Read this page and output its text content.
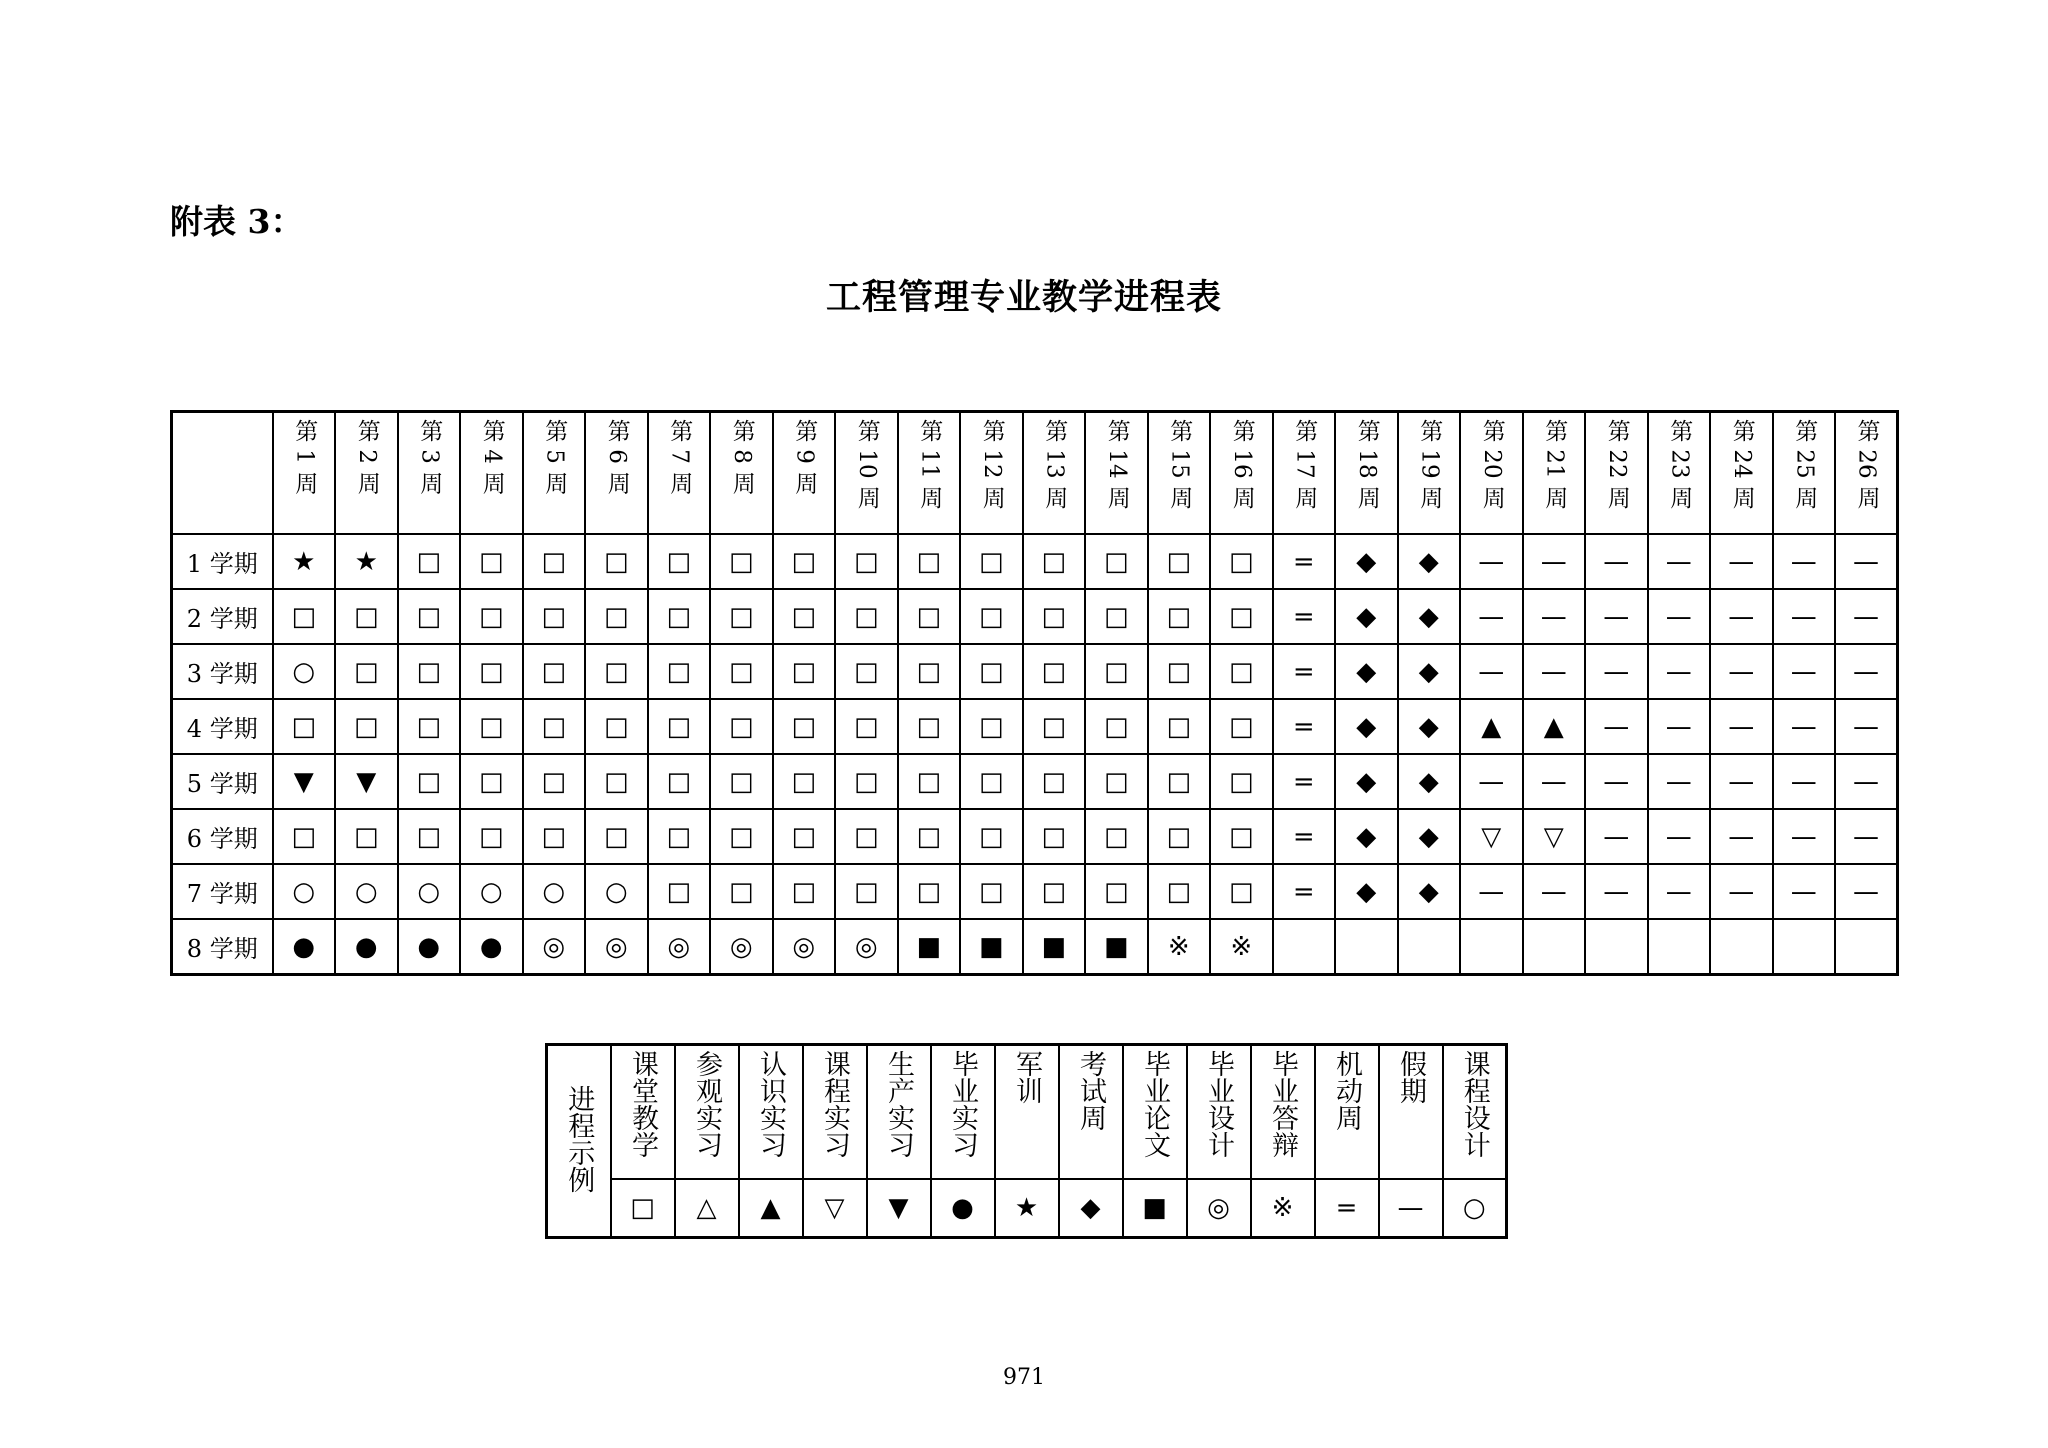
附表 3：
工程管理专业教学进程表
	第 1 周	第 2 周	第 3 周	第 4 周	第 5 周	第 6 周	第 7 周	第 8 周	第 9 周	第 10 周	第 11 周	第 12 周	第 13 周	第 14 周	第 15 周	第 16 周	第 17 周	第 18 周	第 19 周	第 20 周	第 21 周	第 22 周	第 23 周	第 24 周	第 25 周	第 26 周
1 学期	★	★	□	□	□	□	□	□	□	□	□	□	□	□	□	□	=	◆	◆	—	—	—	—	—	—	—
2 学期	□	□	□	□	□	□	□	□	□	□	□	□	□	□	□	□	=	◆	◆	—	—	—	—	—	—	—
3 学期	○	□	□	□	□	□	□	□	□	□	□	□	□	□	□	□	=	◆	◆	—	—	—	—	—	—	—
4 学期	□	□	□	□	□	□	□	□	□	□	□	□	□	□	□	□	=	◆	◆	▲	▲	—	—	—	—	—
5 学期	▼	▼	□	□	□	□	□	□	□	□	□	□	□	□	□	□	=	◆	◆	—	—	—	—	—	—	—
6 学期	□	□	□	□	□	□	□	□	□	□	□	□	□	□	□	□	=	◆	◆	▽	▽	—	—	—	—	—
7 学期	○	○	○	○	○	○	□	□	□	□	□	□	□	□	□	□	=	◆	◆	—	—	—	—	—	—	—
8 学期	●	●	●	●	◎	◎	◎	◎	◎	◎	■	■	■	■	※	※										
进程示例	课堂教学	参观实习	认识实习	课程实习	生产实习	毕业实习	军训	考试周	毕业论文	毕业设计	毕业答辩	机动周	假期	课程设计
	□	△	▲	▽	▼	●	★	◆	■	◎	※	=	—	○
971
